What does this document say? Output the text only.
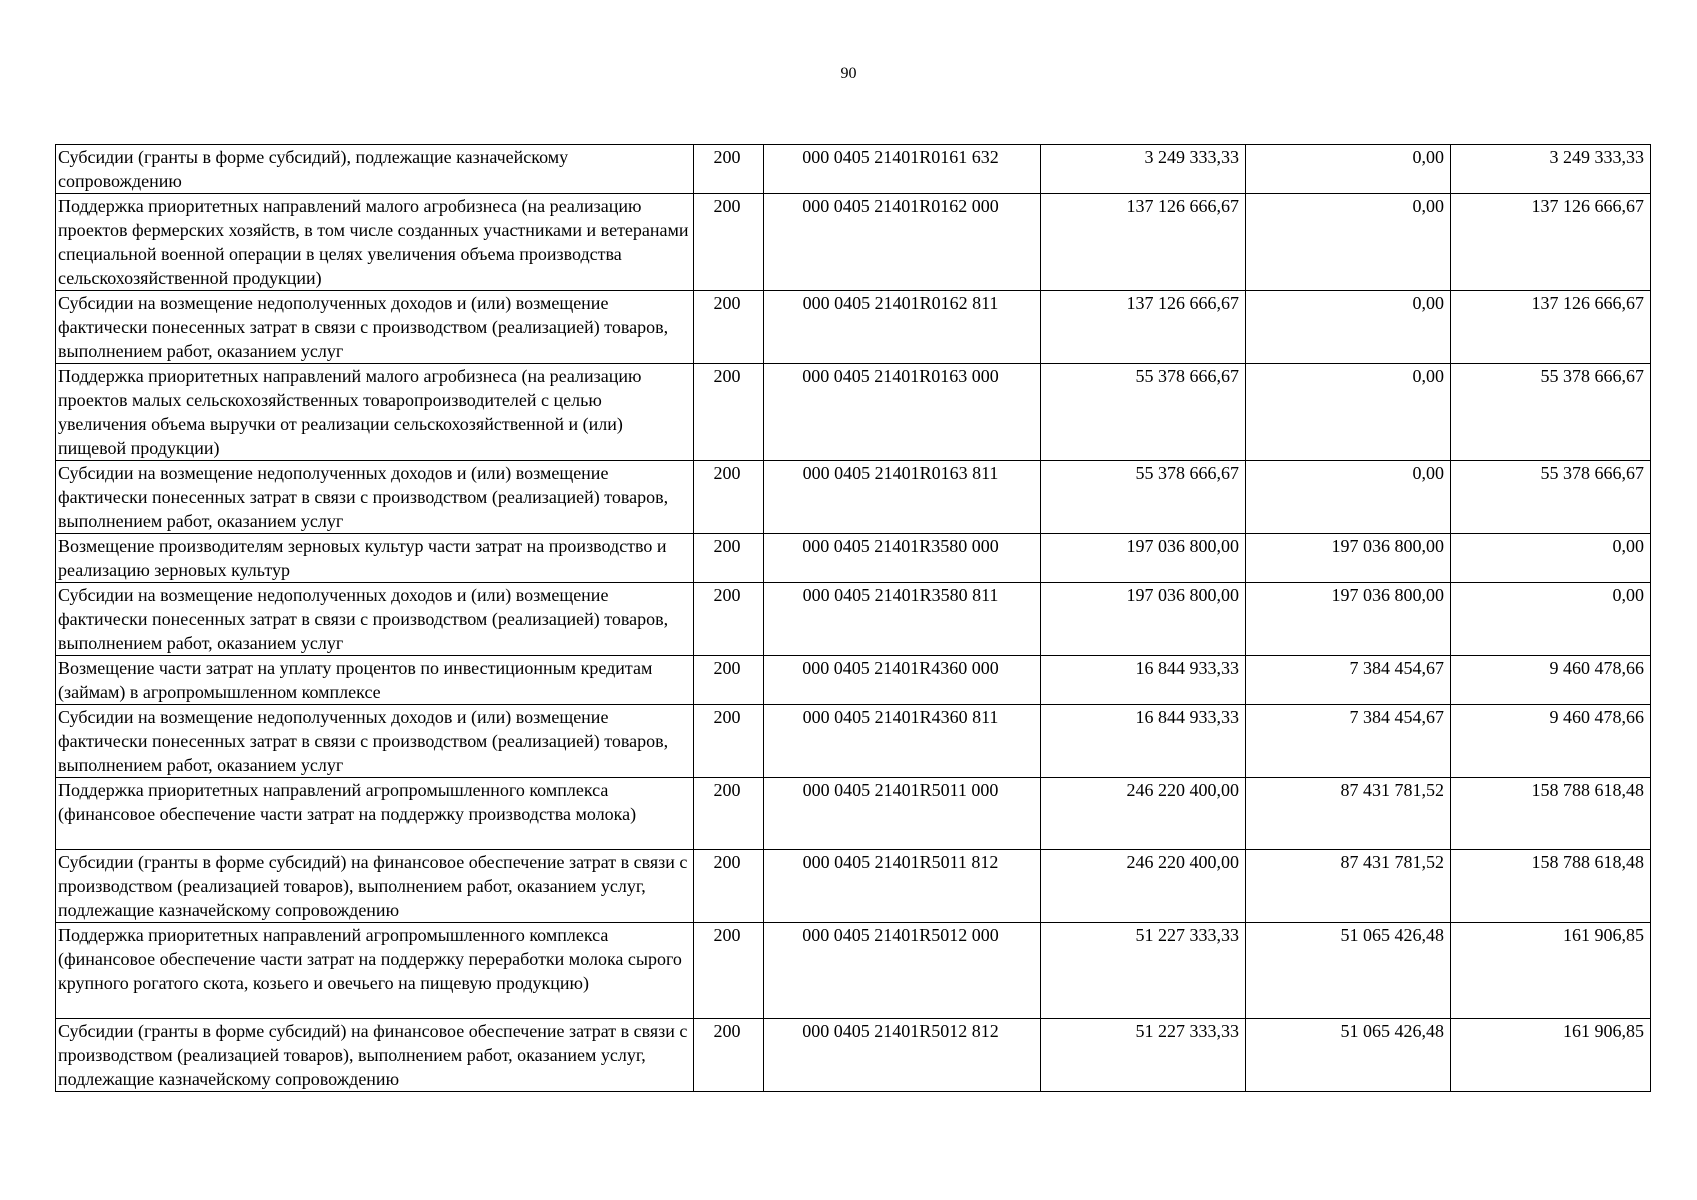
90
Субсидии (гранты в форме субсидий), подлежащие казначейскому сопровождению	200	000 0405 21401R0161 632	3 249 333,33	0,00	3 249 333,33
Поддержка приоритетных направлений малого агробизнеса (на реализацию проектов фермерских хозяйств, в том числе созданных участниками и ветеранами специальной военной операции в целях увеличения объема производства сельскохозяйственной продукции)	200	000 0405 21401R0162 000	137 126 666,67	0,00	137 126 666,67
Субсидии на возмещение недополученных доходов и (или) возмещение фактически понесенных затрат в связи с производством (реализацией) товаров, выполнением работ, оказанием услуг	200	000 0405 21401R0162 811	137 126 666,67	0,00	137 126 666,67
Поддержка приоритетных направлений малого агробизнеса (на реализацию проектов малых сельскохозяйственных товаропроизводителей с целью увеличения объема выручки от реализации сельскохозяйственной и (или) пищевой продукции)	200	000 0405 21401R0163 000	55 378 666,67	0,00	55 378 666,67
Субсидии на возмещение недополученных доходов и (или) возмещение фактически понесенных затрат в связи с производством (реализацией) товаров, выполнением работ, оказанием услуг	200	000 0405 21401R0163 811	55 378 666,67	0,00	55 378 666,67
Возмещение производителям зерновых культур части затрат на производство и реализацию зерновых культур	200	000 0405 21401R3580 000	197 036 800,00	197 036 800,00	0,00
Субсидии на возмещение недополученных доходов и (или) возмещение фактически понесенных затрат в связи с производством (реализацией) товаров, выполнением работ, оказанием услуг	200	000 0405 21401R3580 811	197 036 800,00	197 036 800,00	0,00
Возмещение части затрат на уплату процентов по инвестиционным кредитам (займам) в агропромышленном комплексе	200	000 0405 21401R4360 000	16 844 933,33	7 384 454,67	9 460 478,66
Субсидии на возмещение недополученных доходов и (или) возмещение фактически понесенных затрат в связи с производством (реализацией) товаров, выполнением работ, оказанием услуг	200	000 0405 21401R4360 811	16 844 933,33	7 384 454,67	9 460 478,66
Поддержка приоритетных направлений агропромышленного комплекса (финансовое обеспечение части затрат на поддержку производства молока)	200	000 0405 21401R5011 000	246 220 400,00	87 431 781,52	158 788 618,48
Субсидии (гранты в форме субсидий) на финансовое обеспечение затрат в связи с производством (реализацией товаров), выполнением работ, оказанием услуг, подлежащие казначейскому сопровождению	200	000 0405 21401R5011 812	246 220 400,00	87 431 781,52	158 788 618,48
Поддержка приоритетных направлений агропромышленного комплекса (финансовое обеспечение части затрат на поддержку переработки молока сырого крупного рогатого скота, козьего и овечьего на пищевую продукцию)	200	000 0405 21401R5012 000	51 227 333,33	51 065 426,48	161 906,85
Субсидии (гранты в форме субсидий) на финансовое обеспечение затрат в связи с производством (реализацией товаров), выполнением работ, оказанием услуг, подлежащие казначейскому сопровождению	200	000 0405 21401R5012 812	51 227 333,33	51 065 426,48	161 906,85
